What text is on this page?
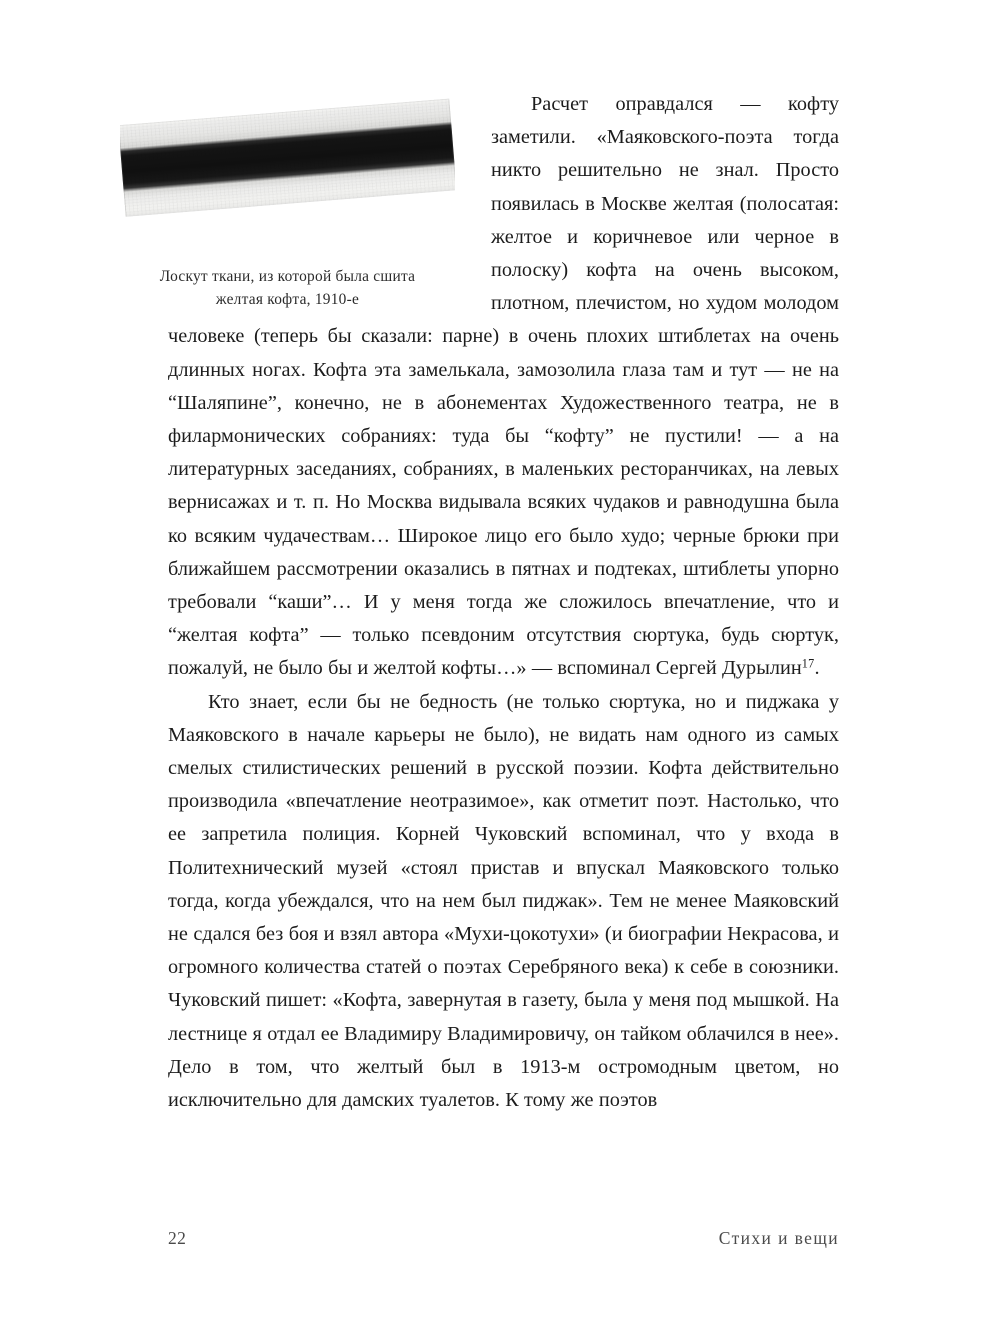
Лоскут ткани, из которой была сшита
желтая кофта, 1910-е

Расчет оправдался — кофту заметили. «Маяковского-поэта тогда никто решительно не знал. Просто появилась в Москве желтая (полосатая: желтое и коричневое или черное в полоску) кофта на очень высоком, плотном, плечистом, но худом молодом человеке (теперь бы сказали: парне) в очень плохих штиблетах на очень длинных ногах. Кофта эта замелькала, замозолила глаза там и тут — не на “Шаляпине”, конечно, не в абонементах Художественного театра, не в филармонических собраниях: туда бы “кофту” не пустили! — а на литературных заседаниях, собраниях, в маленьких ресторанчиках, на левых вернисажах и т. п. Но Москва видывала всяких чудаков и равнодушна была ко всяким чудачествам… Широкое лицо его было худо; черные брюки при ближайшем рассмотрении оказались в пятнах и подтеках, штиблеты упорно требовали “каши”… И у меня тогда же сложилось впечатление, что и “желтая кофта” — только псевдоним отсутствия сюртука, будь сюртук, пожалуй, не было бы и желтой кофты…» — вспоминал Сергей Дурылин$^{17}$.

Кто знает, если бы не бедность (не только сюртука, но и пиджака у Маяковского в начале карьеры не было), не видать нам одного из самых смелых стилистических решений в русской поэзии. Кофта действительно производила «впечатление неотразимое», как отметит поэт. Настолько, что ее запретила полиция. Корней Чуковский вспоминал, что у входа в Политехнический музей «стоял пристав и впускал Маяковского только тогда, когда убеждался, что на нем был пиджак». Тем не менее Маяковский не сдался без боя и взял автора «Мухи-цокотухи» (и биографии Некрасова, и огромного количества статей о поэтах Серебряного века) к себе в союзники. Чуковский пишет: «Кофта, завернутая в газету, была у меня под мышкой. На лестнице я отдал ее Владимиру Владимировичу, он тайком облачился в нее». Дело в том, что желтый был в 1913-м остромодным цветом, но исключительно для дамских туалетов. К тому же поэтов

22	Стихи и вещи
